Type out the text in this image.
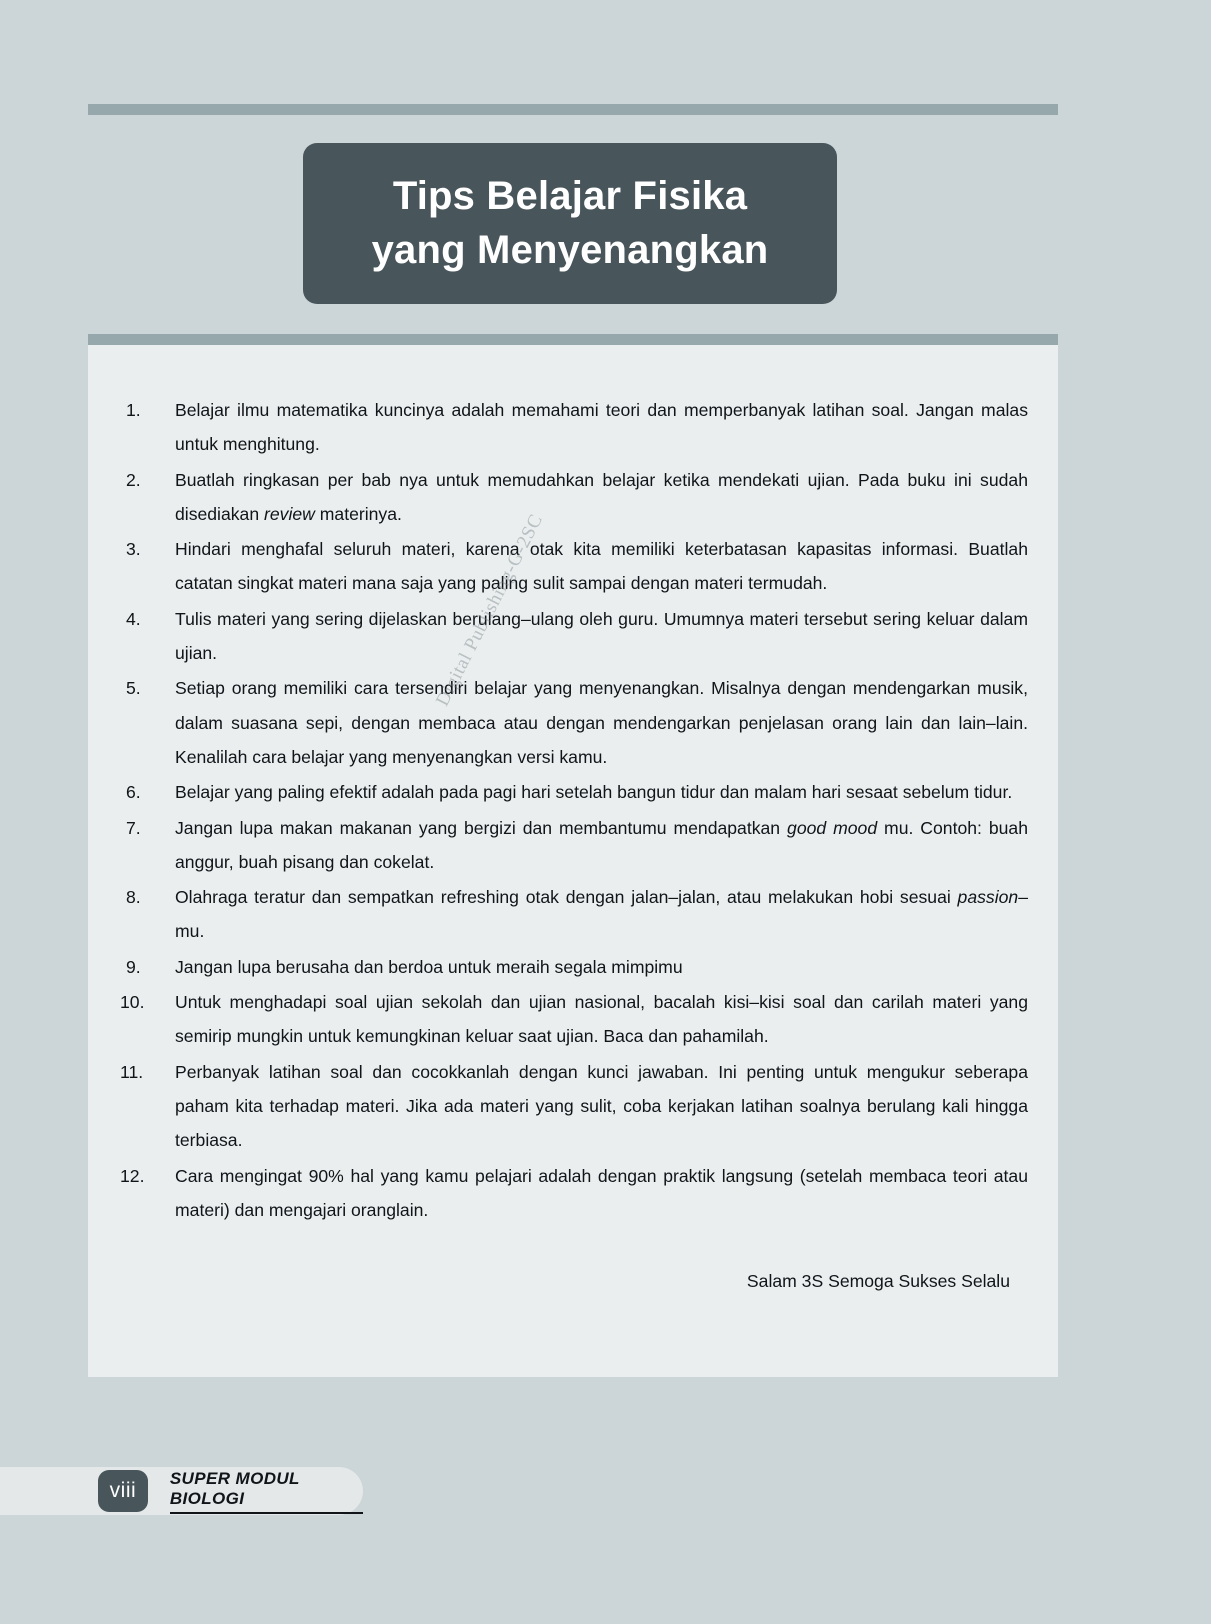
Tips Belajar Fisika
yang Menyenangkan
Belajar ilmu matematika kuncinya adalah memahami teori dan memperbanyak latihan soal. Jangan malas untuk menghitung.
Buatlah ringkasan per bab nya untuk memudahkan belajar ketika mendekati ujian. Pada buku ini sudah disediakan review materinya.
Hindari menghafal seluruh materi, karena otak kita memiliki keterbatasan kapasitas informasi. Buatlah catatan singkat materi mana saja yang paling sulit sampai dengan materi termudah.
Tulis materi yang sering dijelaskan berulang–ulang oleh guru. Umumnya materi tersebut sering keluar dalam ujian.
Setiap orang memiliki cara tersendiri belajar yang menyenangkan. Misalnya dengan mendengarkan musik, dalam suasana sepi, dengan membaca atau dengan mendengarkan penjelasan orang lain dan lain–lain. Kenalilah cara belajar yang menyenangkan versi kamu.
Belajar yang paling efektif adalah pada pagi hari setelah bangun tidur dan malam hari sesaat sebelum tidur.
Jangan lupa makan makanan yang bergizi dan membantumu mendapatkan good mood mu. Contoh: buah anggur, buah pisang dan cokelat.
Olahraga teratur dan sempatkan refreshing otak dengan jalan–jalan, atau melakukan hobi sesuai passion–mu.
Jangan lupa berusaha dan berdoa untuk meraih segala mimpimu
Untuk menghadapi soal ujian sekolah dan ujian nasional, bacalah kisi–kisi soal dan carilah materi yang semirip mungkin untuk kemungkinan keluar saat ujian. Baca dan pahamilah.
Perbanyak latihan soal dan cocokkanlah dengan kunci jawaban. Ini penting untuk mengukur seberapa paham kita terhadap materi. Jika ada materi yang sulit, coba kerjakan latihan soalnya berulang kali hingga terbiasa.
Cara mengingat 90% hal yang kamu pelajari adalah dengan praktik langsung (setelah membaca teori atau materi) dan mengajari oranglain.
Salam 3S Semoga Sukses Selalu
Digital Publishing-G-2SC
viii
SUPER MODUL BIOLOGI
